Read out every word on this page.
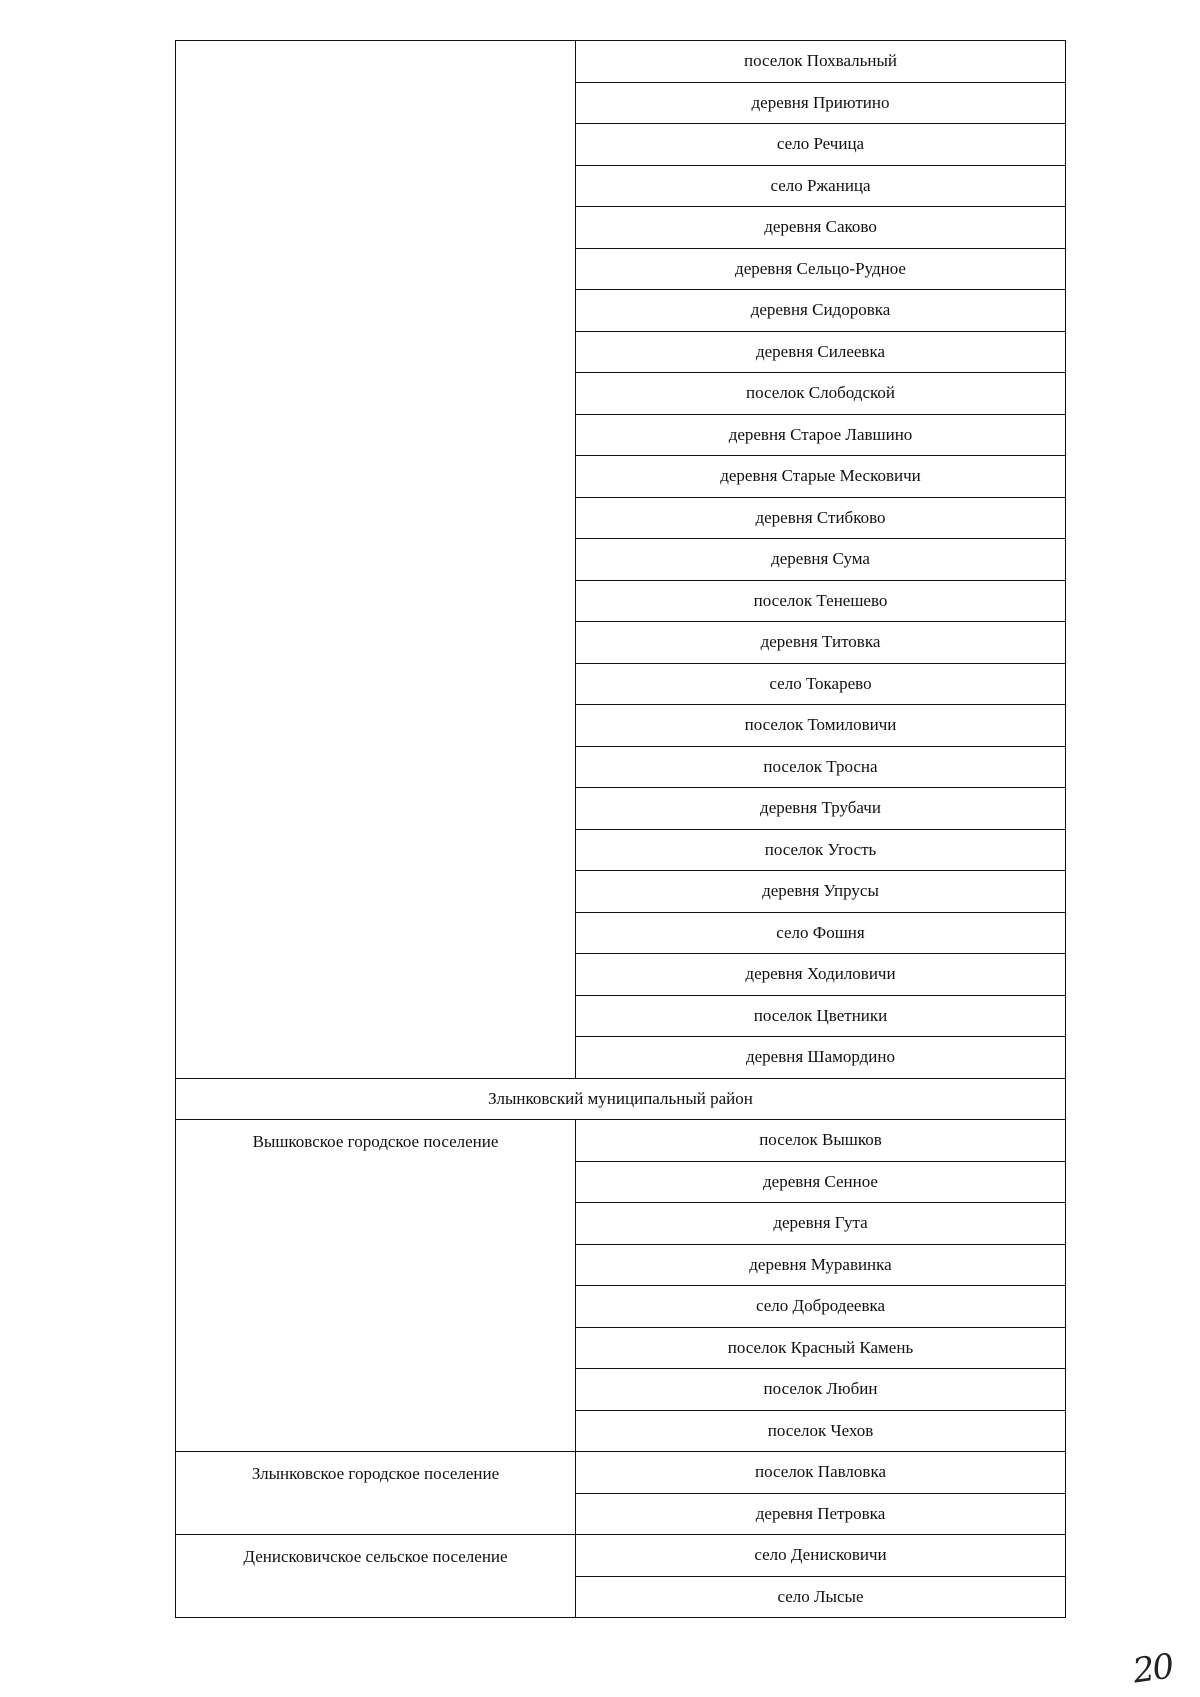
	поселок Похвальный
	деревня Приютино
	село Речица
	село Ржаница
	деревня Саково
	деревня Сельцо-Рудное
	деревня Сидоровка
	деревня Силеевка
	поселок Слободской
	деревня Старое Лавшино
	деревня Старые Месковичи
	деревня Стибково
	деревня Сума
	поселок Тенешево
	деревня Титовка
	село Токарево
	поселок Томиловичи
	поселок Тросна
	деревня Трубачи
	поселок Угость
	деревня Упрусы
	село Фошня
	деревня Ходиловичи
	поселок Цветники
	деревня Шамордино
Злынковский муниципальный район	
Вышковское городское поселение	поселок Вышков
	деревня Сенное
	деревня Гута
	деревня Муравинка
	село Добродеевка
	поселок Красный Камень
	поселок Любин
	поселок Чехов
Злынковское городское поселение	поселок Павловка
	деревня Петровка
Денисковичское сельское поселение	село Денисковичи
	село Лысые
20
